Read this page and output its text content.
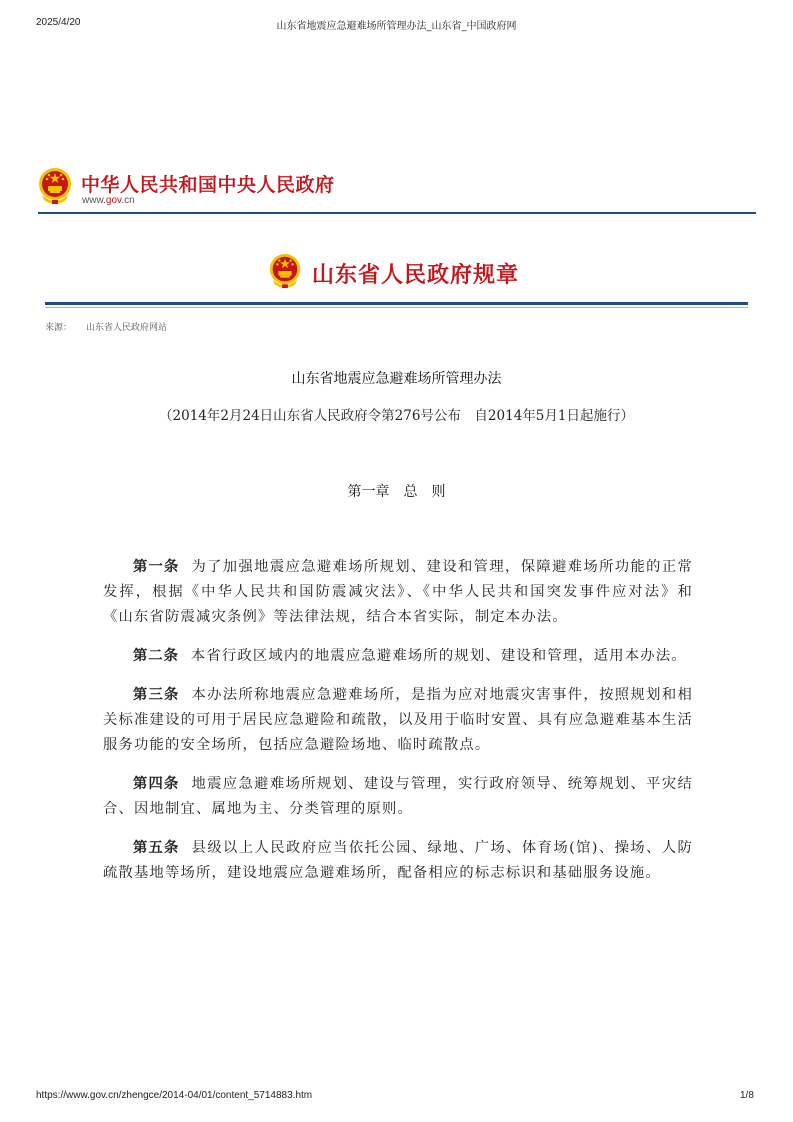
2025/4/20	山东省地震应急避难场所管理办法_山东省_中国政府网
中华人民共和国中央人民政府
www.gov.cn
山东省人民政府规章
来源： 山东省人民政府网站
山东省地震应急避难场所管理办法
（2014年2月24日山东省人民政府令第276号公布　自2014年5月1日起施行）
第一章　总　则

第一条 为了加强地震应急避难场所规划、建设和管理，保障避难场所功能的正常发挥，根据《中华人民共和国防震减灾法》、《中华人民共和国突发事件应对法》和《山东省防震减灾条例》等法律法规，结合本省实际，制定本办法。

第二条 本省行政区域内的地震应急避难场所的规划、建设和管理，适用本办法。

第三条 本办法所称地震应急避难场所，是指为应对地震灾害事件，按照规划和相关标准建设的可用于居民应急避险和疏散，以及用于临时安置、具有应急避难基本生活服务功能的安全场所，包括应急避险场地、临时疏散点。

第四条 地震应急避难场所规划、建设与管理，实行政府领导、统筹规划、平灾结合、因地制宜、属地为主、分类管理的原则。

第五条 县级以上人民政府应当依托公园、绿地、广场、体育场(馆)、操场、人防疏散基地等场所，建设地震应急避难场所，配备相应的标志标识和基础服务设施。

https://www.gov.cn/zhengce/2014-04/01/content_5714883.htm	1/8
